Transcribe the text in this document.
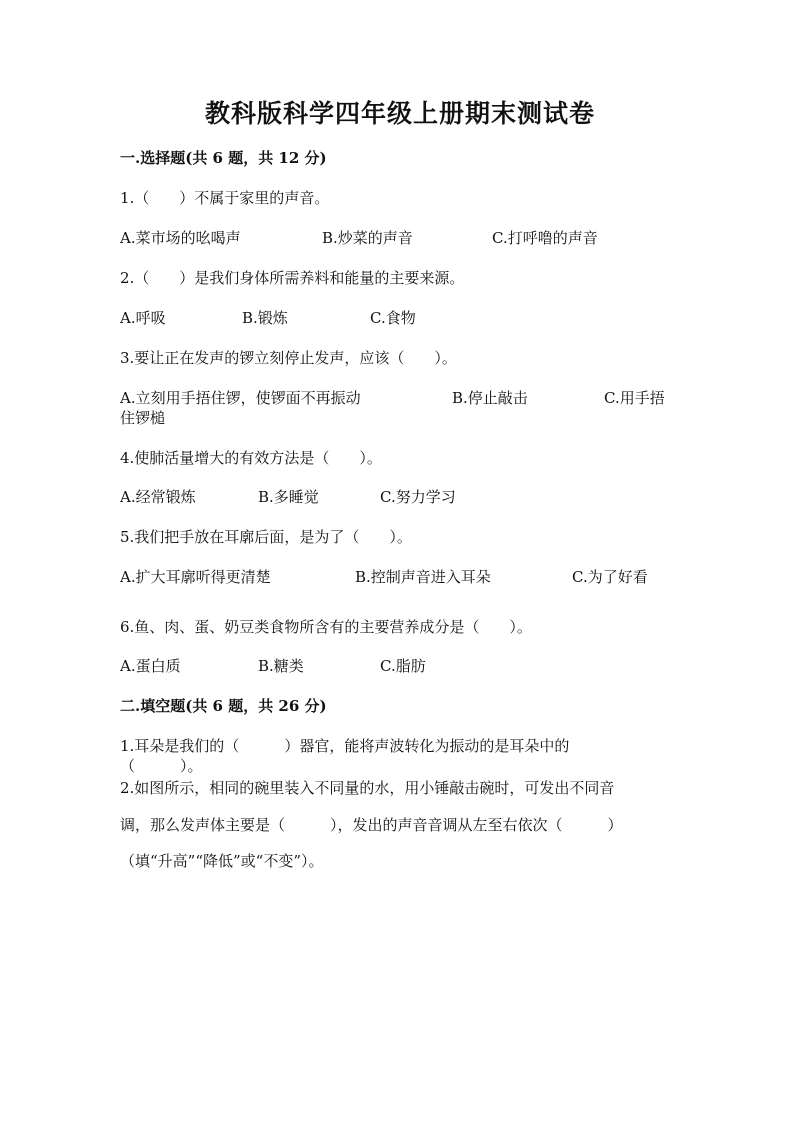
教科版科学四年级上册期末测试卷
一.选择题(共 6 题，共 12 分)
1.（　　）不属于家里的声音。
A.菜市场的吆喝声	B.炒菜的声音	C.打呼噜的声音
2.（　　）是我们身体所需养料和能量的主要来源。
A.呼吸	B.锻炼	C.食物
3.要让正在发声的锣立刻停止发声，应该（　　）。
A.立刻用手捂住锣，使锣面不再振动	B.停止敲击	C.用手捂
住锣槌
4.使肺活量增大的有效方法是（　　）。
A.经常锻炼	B.多睡觉	C.努力学习
5.我们把手放在耳廓后面，是为了（　　）。
A.扩大耳廓听得更清楚	B.控制声音进入耳朵	C.为了好看
6.鱼、肉、蛋、奶豆类食物所含有的主要营养成分是（　　）。
A.蛋白质	B.糖类	C.脂肪
二.填空题(共 6 题，共 26 分)
1.耳朵是我们的（　　　）器官，能将声波转化为振动的是耳朵中的
（　　　）。
2.如图所示，相同的碗里装入不同量的水，用小锤敲击碗时，可发出不同音
调，那么发声体主要是（　　　），发出的声音音调从左至右依次（　　　）
（填“升高”“降低”或“不变”）。
